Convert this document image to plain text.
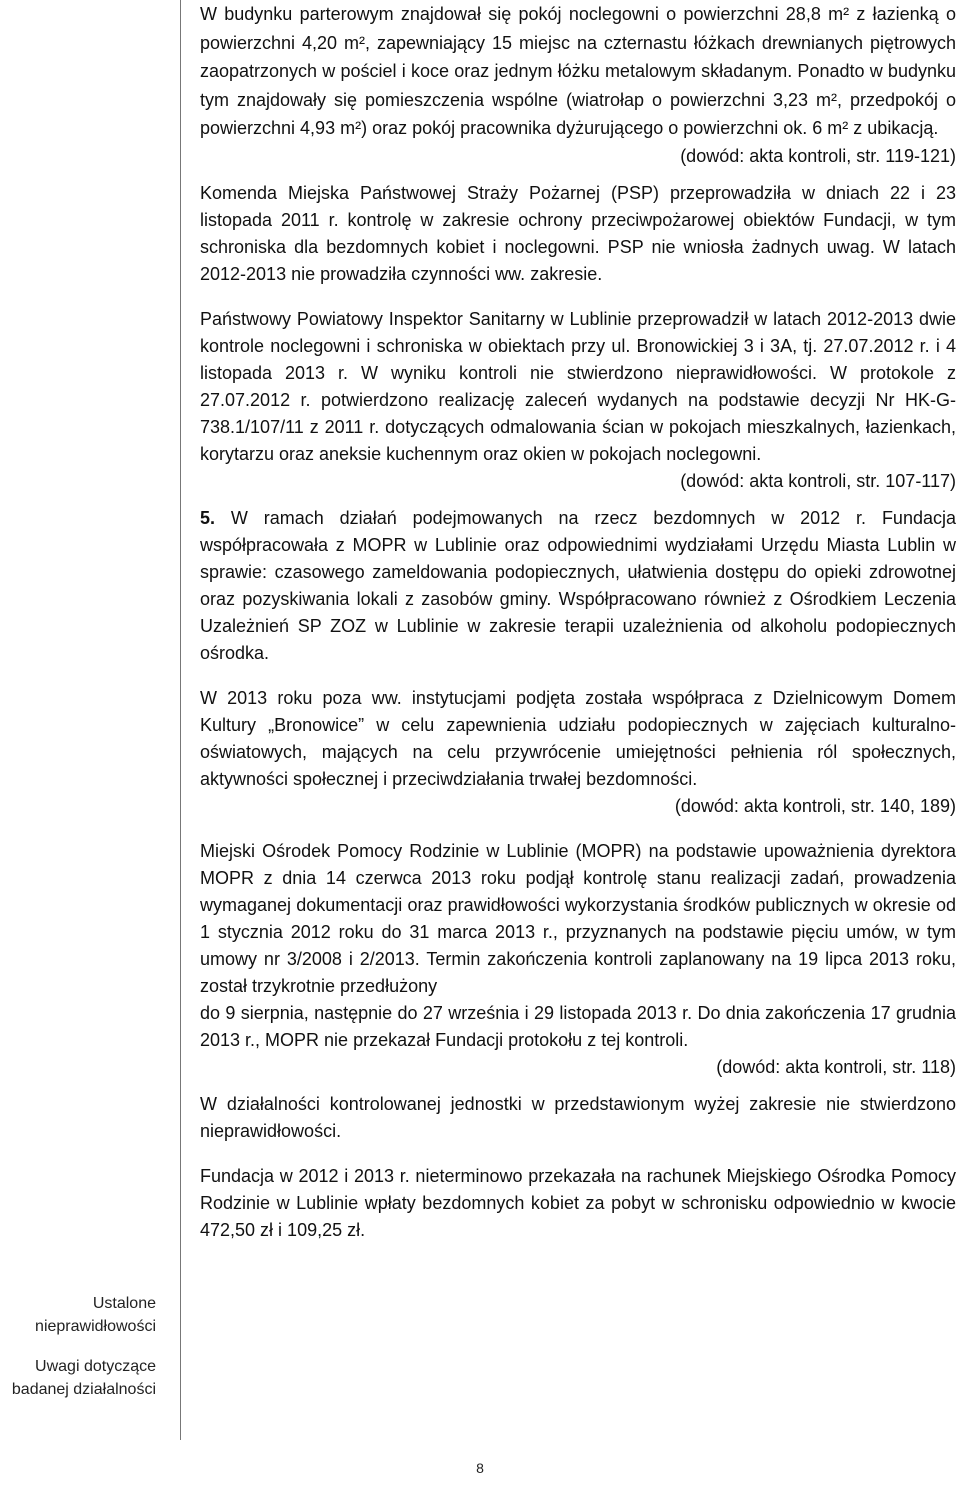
Ustalone
nieprawidłowości
Uwagi dotyczące
badanej działalności

W budynku parterowym znajdował się pokój noclegowni o powierzchni 28,8 m² z łazienką o powierzchni 4,20 m², zapewniający 15 miejsc na czternastu łóżkach drewnianych piętrowych zaopatrzonych w pościel i koce oraz jednym łóżku metalowym składanym. Ponadto w budynku tym znajdowały się pomieszczenia wspólne (wiatrołap o powierzchni 3,23 m², przedpokój o powierzchni 4,93 m²) oraz pokój pracownika dyżurującego o powierzchni ok. 6 m² z ubikacją.

(dowód: akta kontroli, str. 119-121)

Komenda Miejska Państwowej Straży Pożarnej (PSP) przeprowadziła w dniach 22 i 23 listopada 2011 r. kontrolę w zakresie ochrony przeciwpożarowej obiektów Fundacji, w tym schroniska dla bezdomnych kobiet i noclegowni. PSP nie wniosła żadnych uwag. W latach 2012-2013 nie prowadziła czynności ww. zakresie.

Państwowy Powiatowy Inspektor Sanitarny w Lublinie przeprowadził w latach 2012-2013 dwie kontrole noclegowni i schroniska w obiektach przy ul. Bronowickiej 3 i 3A, tj. 27.07.2012 r. i 4 listopada 2013 r. W wyniku kontroli nie stwierdzono nieprawidłowości. W protokole z 27.07.2012 r. potwierdzono realizację zaleceń wydanych na podstawie decyzji Nr HK-G-738.1/107/11 z 2011 r. dotyczących odmalowania ścian w pokojach mieszkalnych, łazienkach, korytarzu oraz aneksie kuchennym oraz okien w pokojach noclegowni.

(dowód: akta kontroli, str. 107-117)

5. W ramach działań podejmowanych na rzecz bezdomnych w 2012 r. Fundacja współpracowała z MOPR w Lublinie oraz odpowiednimi wydziałami Urzędu Miasta Lublin w sprawie: czasowego zameldowania podopiecznych, ułatwienia dostępu do opieki zdrowotnej oraz pozyskiwania lokali z zasobów gminy. Współpracowano również z Ośrodkiem Leczenia Uzależnień SP ZOZ w Lublinie w zakresie terapii uzależnienia od alkoholu podopiecznych ośrodka.

W 2013 roku poza ww. instytucjami podjęta została współpraca z Dzielnicowym Domem Kultury „Bronowice” w celu zapewnienia udziału podopiecznych w zajęciach kulturalno-oświatowych, mających na celu przywrócenie umiejętności pełnienia ról społecznych, aktywności społecznej i przeciwdziałania trwałej bezdomności.

(dowód: akta kontroli, str. 140, 189)

Miejski Ośrodek Pomocy Rodzinie w Lublinie (MOPR) na podstawie upoważnienia dyrektora MOPR z dnia 14 czerwca 2013 roku podjął kontrolę stanu realizacji zadań, prowadzenia wymaganej dokumentacji oraz prawidłowości wykorzystania środków publicznych w okresie od 1 stycznia 2012 roku do 31 marca 2013 r., przyznanych na podstawie pięciu umów, w tym umowy nr 3/2008 i 2/2013. Termin zakończenia kontroli zaplanowany na 19 lipca 2013 roku, został trzykrotnie przedłużony

do 9 sierpnia, następnie do 27 września i 29 listopada 2013 r. Do dnia zakończenia 17 grudnia 2013 r., MOPR nie przekazał Fundacji protokołu z tej kontroli.

(dowód: akta kontroli, str. 118)

W działalności kontrolowanej jednostki w przedstawionym wyżej zakresie nie stwierdzono nieprawidłowości.

Fundacja w 2012 i 2013 r. nieterminowo przekazała na rachunek Miejskiego Ośrodka Pomocy Rodzinie w Lublinie wpłaty bezdomnych kobiet za pobyt w schronisku odpowiednio w kwocie 472,50 zł i 109,25 zł.

8
